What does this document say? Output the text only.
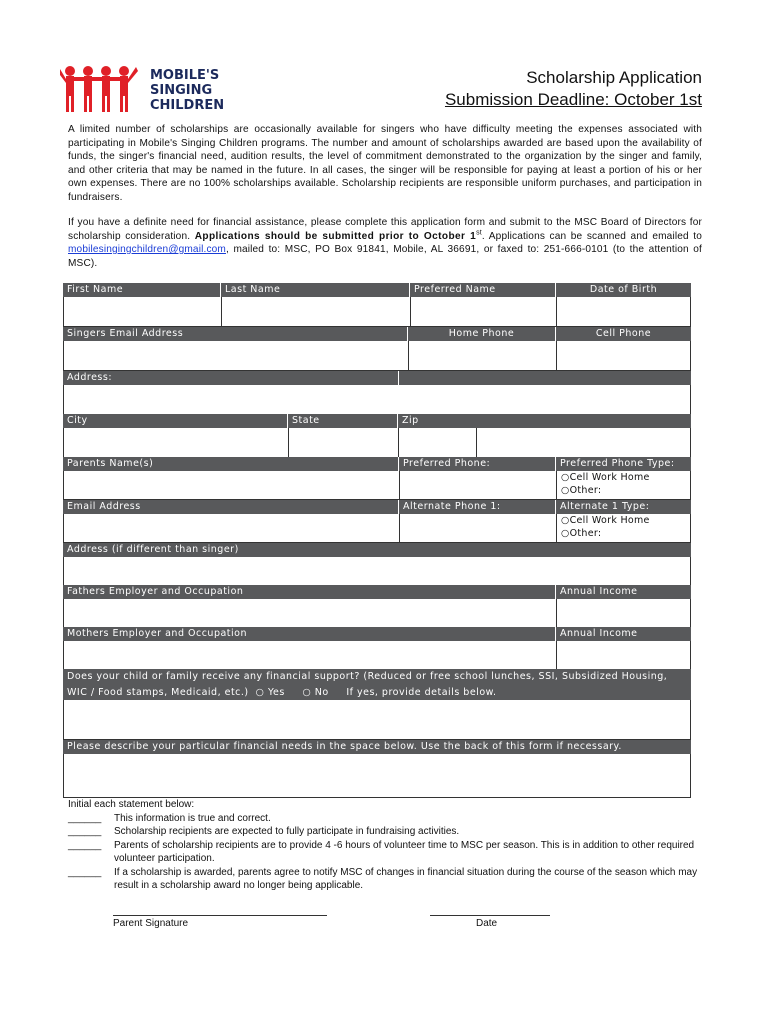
MOBILE'S
SINGING
CHILDREN
Scholarship Application
Submission Deadline: October 1st
A limited number of scholarships are occasionally available for singers who have difficulty meeting the expenses associated with participating in Mobile's Singing Children programs. The number and amount of scholarships awarded are based upon the availability of funds, the singer's financial need, audition results, the level of commitment demonstrated to the organization by the singer and family, and other criteria that may be named in the future. In all cases, the singer will be responsible for paying at least a portion of his or her own expenses. There are no 100% scholarships available. Scholarship recipients are responsible uniform purchases, and participation in fundraisers.
If you have a definite need for financial assistance, please complete this application form and submit to the MSC Board of Directors for scholarship consideration. Applications should be submitted prior to October 1st. Applications can be scanned and emailed to mobilesingingchildren@gmail.com, mailed to: MSC, PO Box 91841, Mobile, AL 36691, or faxed to: 251-666-0101 (to the attention of MSC).
First Name	Last Name	Preferred Name	Date of Birth
Singers Email Address	Home Phone	Cell Phone
Address:
City	State	Zip
Parents Name(s)	Preferred Phone:	Preferred Phone Type:
○Cell Work Home
○Other:
Email Address	Alternate Phone 1:	Alternate 1 Type:
○Cell Work Home
○Other:
Address (if different than singer)
Fathers Employer and Occupation	Annual Income
Mothers Employer and Occupation	Annual Income
Does your child or family receive any financial support? (Reduced or free school lunches, SSI, Subsidized Housing,
WIC / Food stamps, Medicaid, etc.) ○ Yes ○ No If yes, provide details below.
Please describe your particular financial needs in the space below. Use the back of this form if necessary.
Initial each statement below:
______	This information is true and correct.
______	Scholarship recipients are expected to fully participate in fundraising activities.
______	Parents of scholarship recipients are to provide 4 -6 hours of volunteer time to MSC per season. This is in addition to other required volunteer participation.
______	If a scholarship is awarded, parents agree to notify MSC of changes in financial situation during the course of the season which may result in a scholarship award no longer being applicable.
Parent Signature	Date
